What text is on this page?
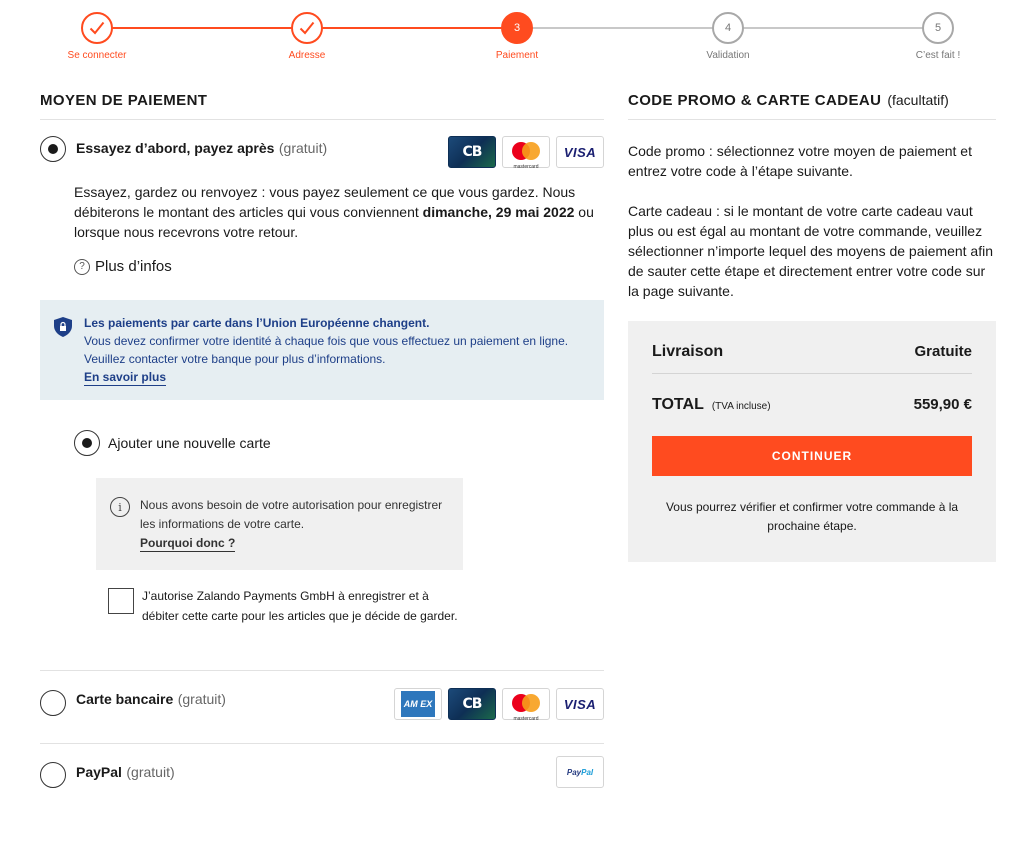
Se connecter	Adresse
3
Paiement
4
Validation
5
C’est fait !
MOYEN DE PAIEMENT
Essayez d’abord, payez après (gratuit)	CB
mastercard
VISA

Essayez, gardez ou renvoyez : vous payez seulement ce que vous gardez. Nous débiterons le montant des articles qui vous conviennent dimanche, 29 mai 2022 ou lorsque nous recevrons votre retour.

? Plus d’infos
Les paiements par carte dans l’Union Européenne changent.
Vous devez confirmer votre identité à chaque fois que vous effectuez un paiement en ligne. Veuillez contacter votre banque pour plus d’informations.
En savoir plus
Ajouter une nouvelle carte
i	Nous avons besoin de votre autorisation pour enregistrer les informations de votre carte.
Pourquoi donc ?
J’autorise Zalando Payments GmbH à enregistrer et à débiter cette carte pour les articles que je décide de garder.
Carte bancaire (gratuit)	AM EX CB
mastercard
VISA
PayPal (gratuit)	PayPal
CODE PROMO & CARTE CADEAU (facultatif)

Code promo : sélectionnez votre moyen de paiement et entrez votre code à l’étape suivante.

Carte cadeau : si le montant de votre carte cadeau vaut plus ou est égal au montant de votre commande, veuillez sélectionner n’importe lequel des moyens de paiement afin de sauter cette étape et directement entrer votre code sur la page suivante.

Livraison	Gratuite
TOTAL (TVA incluse)	559,90 €
CONTINUER

Vous pourrez vérifier et confirmer votre commande à la prochaine étape.
